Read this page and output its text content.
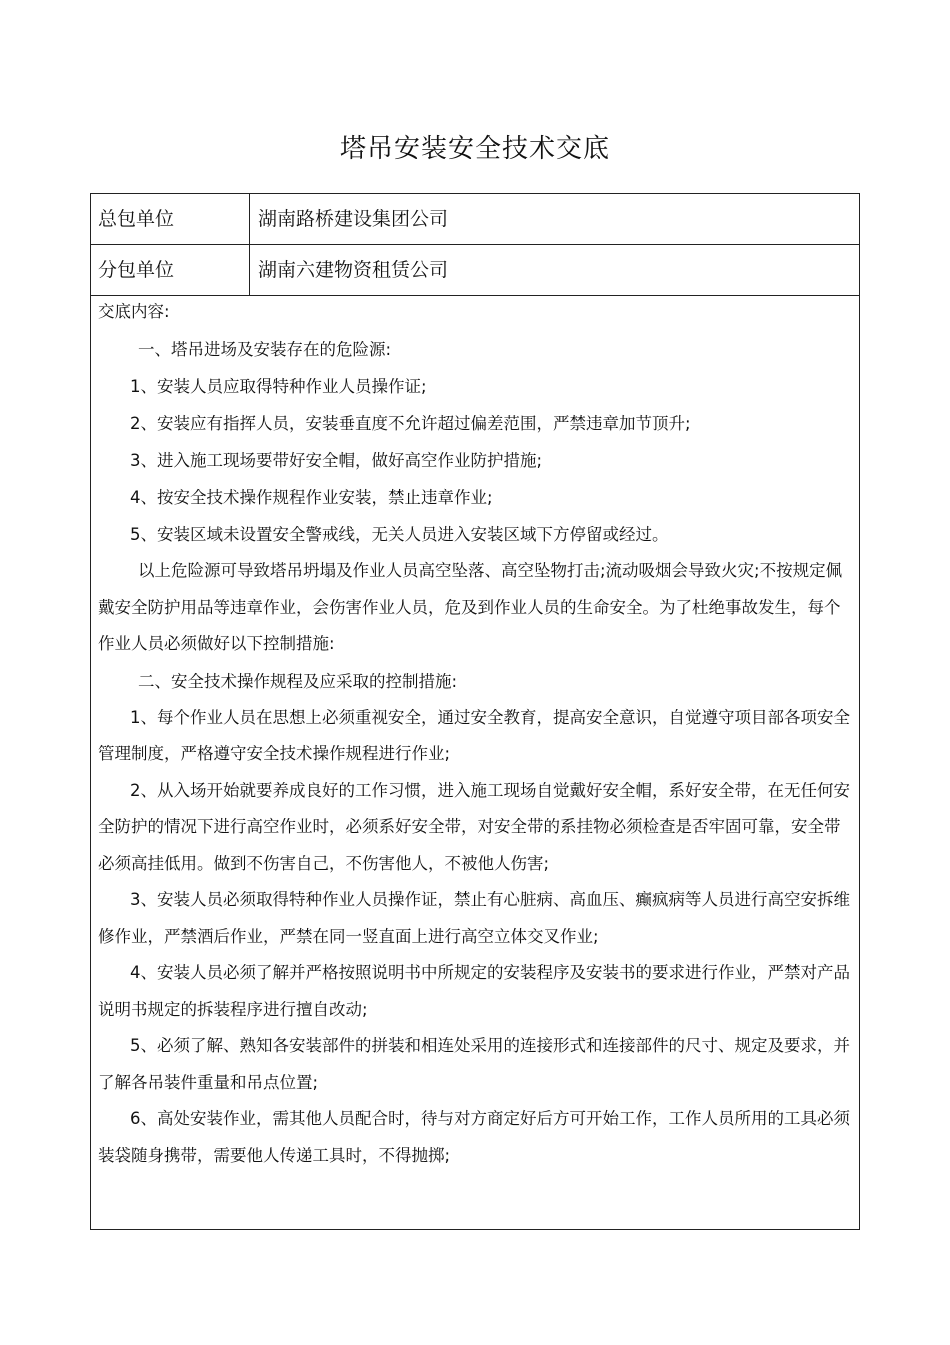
塔吊安装安全技术交底
总包单位	湖南路桥建设集团公司
分包单位	湖南六建物资租赁公司

交底内容:

一、塔吊进场及安装存在的危险源:

1、安装人员应取得特种作业人员操作证;

2、安装应有指挥人员，安装垂直度不允许超过偏差范围，严禁违章加节顶升;

3、进入施工现场要带好安全帽，做好高空作业防护措施;

4、按安全技术操作规程作业安装，禁止违章作业;

5、安装区域未设置安全警戒线，无关人员进入安装区域下方停留或经过。

以上危险源可导致塔吊坍塌及作业人员高空坠落、高空坠物打击;流动吸烟会导致火灾;不按规定佩戴安全防护用品等违章作业，会伤害作业人员，危及到作业人员的生命安全。为了杜绝事故发生，每个作业人员必须做好以下控制措施:

二、安全技术操作规程及应采取的控制措施:

1、每个作业人员在思想上必须重视安全，通过安全教育，提高安全意识，自觉遵守项目部各项安全管理制度，严格遵守安全技术操作规程进行作业;

2、从入场开始就要养成良好的工作习惯，进入施工现场自觉戴好安全帽，系好安全带，在无任何安全防护的情况下进行高空作业时，必须系好安全带，对安全带的系挂物必须检查是否牢固可靠，安全带必须高挂低用。做到不伤害自己，不伤害他人，不被他人伤害;

3、安装人员必须取得特种作业人员操作证，禁止有心脏病、高血压、癫疯病等人员进行高空安拆维修作业，严禁酒后作业，严禁在同一竖直面上进行高空立体交叉作业;

4、安装人员必须了解并严格按照说明书中所规定的安装程序及安装书的要求进行作业，严禁对产品说明书规定的拆装程序进行擅自改动;

5、必须了解、熟知各安装部件的拼装和相连处采用的连接形式和连接部件的尺寸、规定及要求，并了解各吊装件重量和吊点位置;

6、高处安装作业，需其他人员配合时，待与对方商定好后方可开始工作，工作人员所用的工具必须装袋随身携带，需要他人传递工具时，不得抛掷;
